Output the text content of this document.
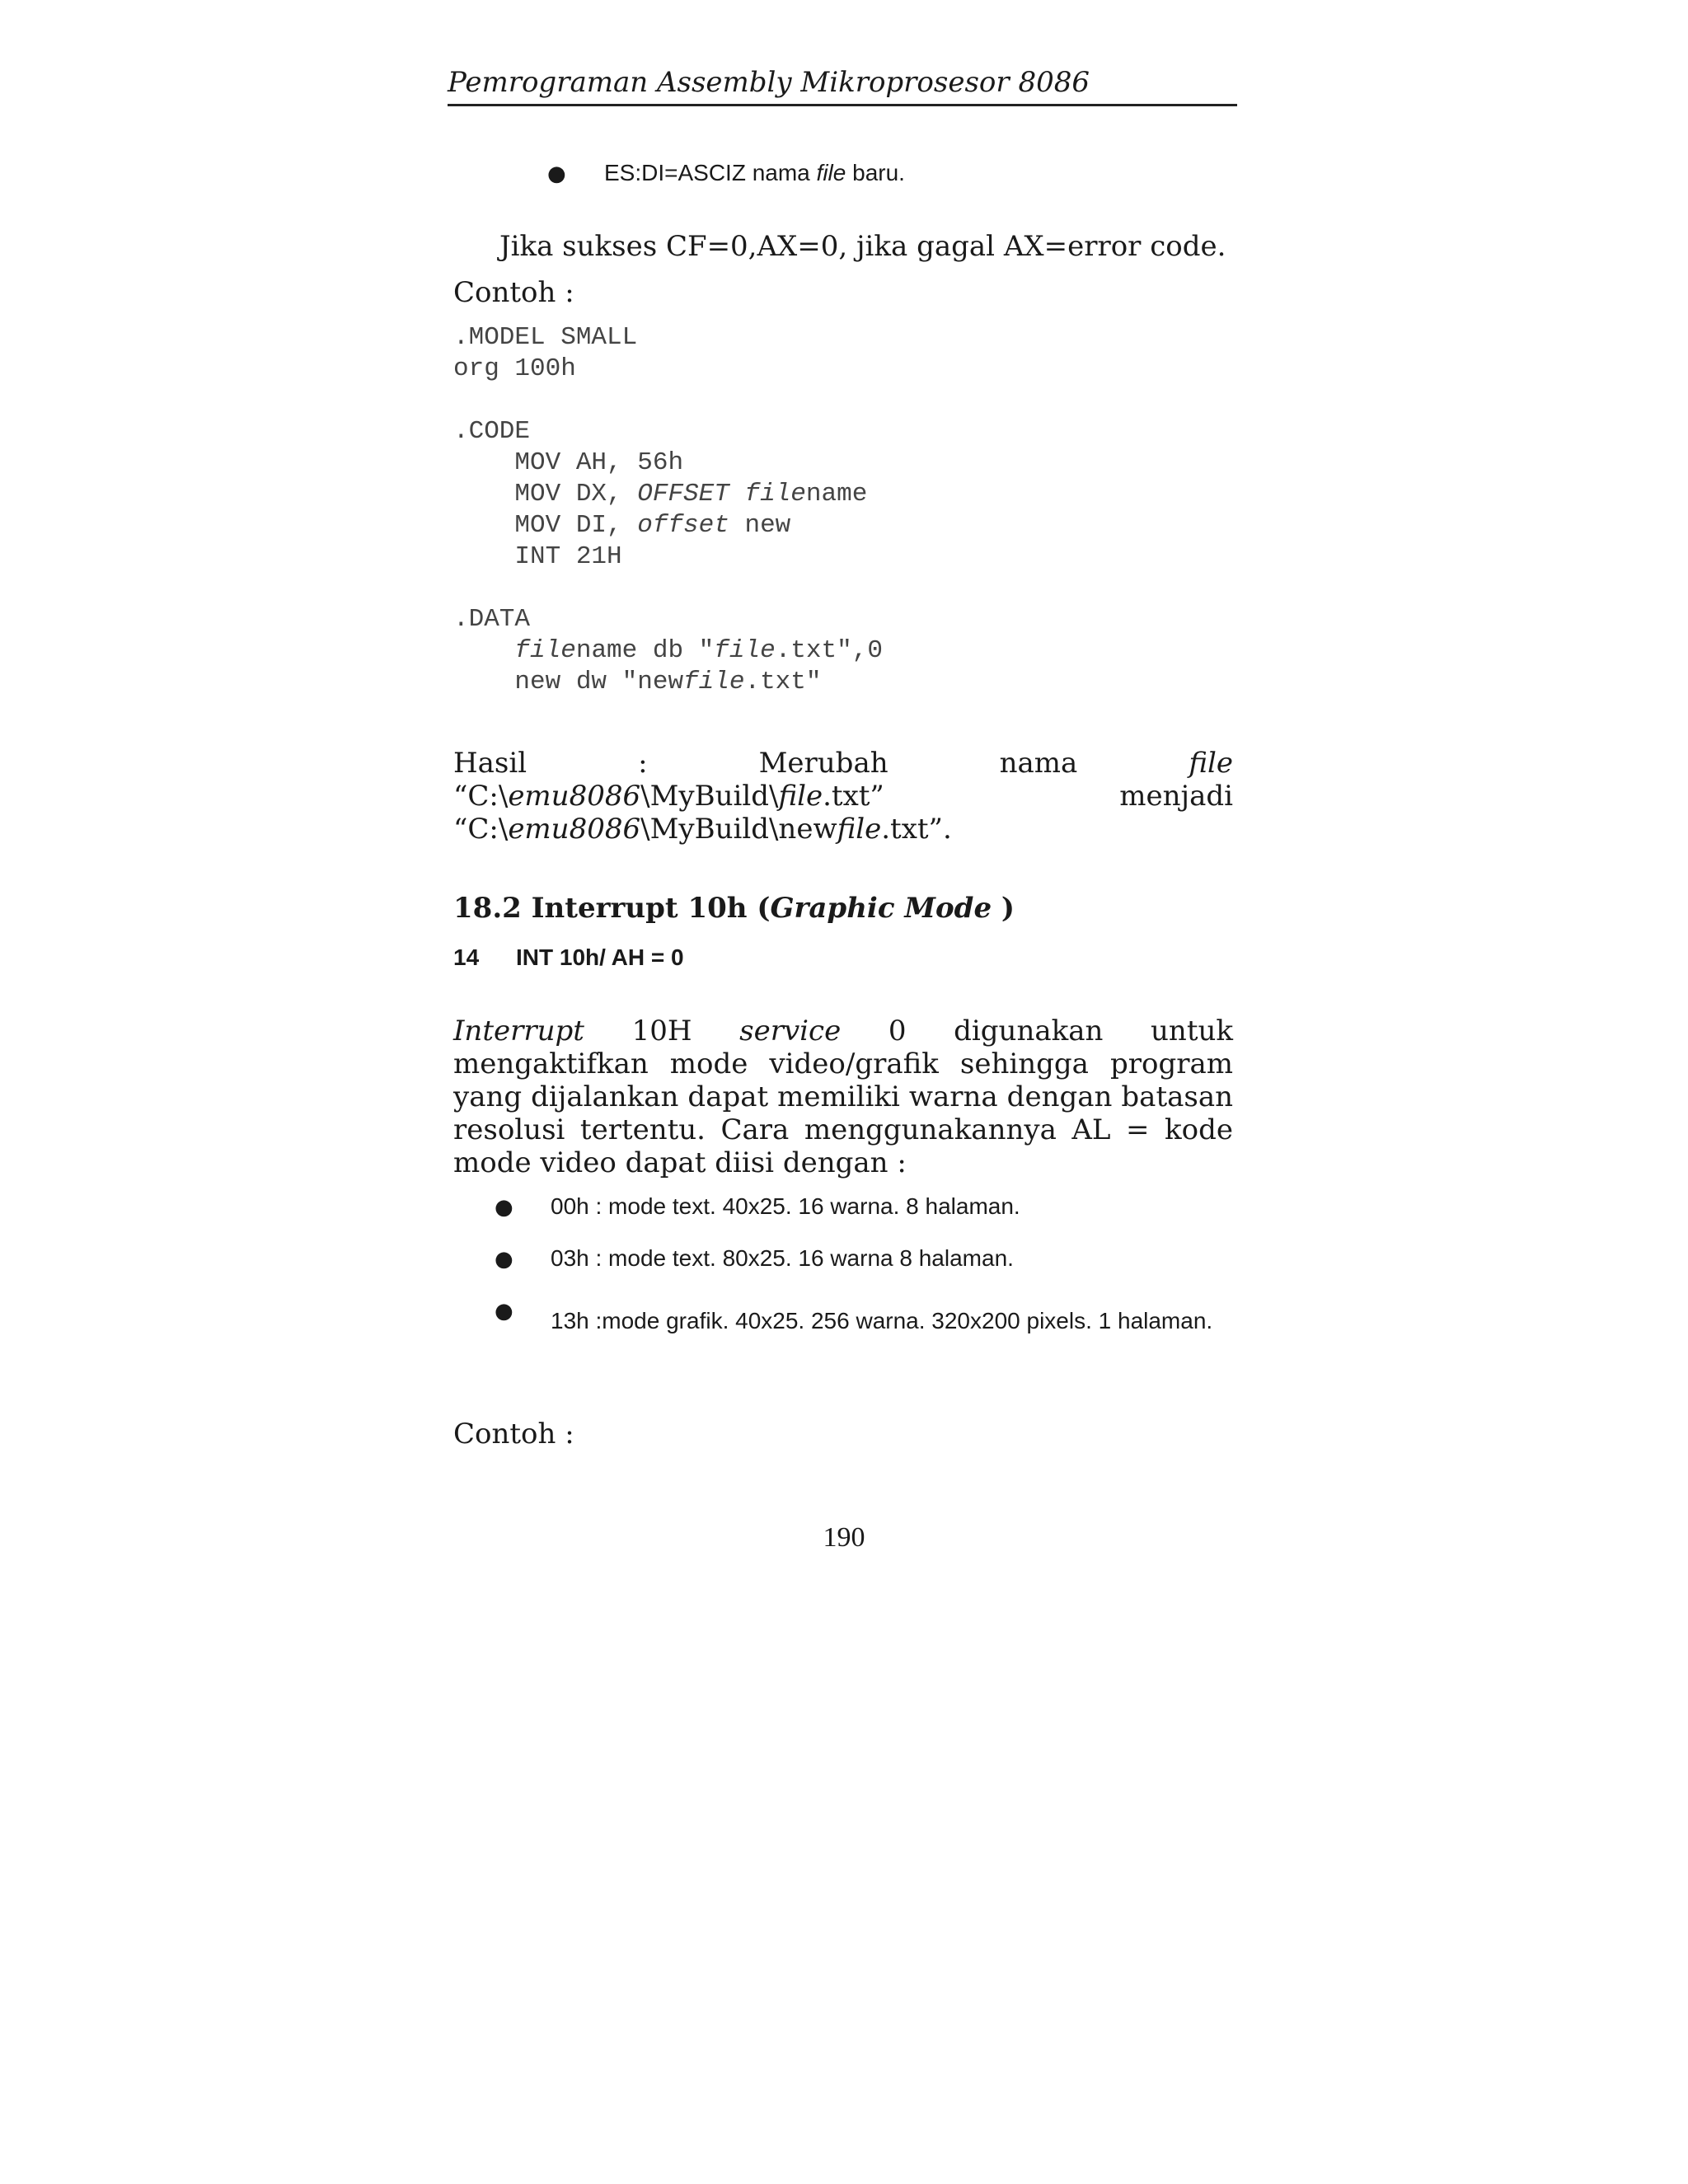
Pemrograman Assembly Mikroprosesor 8086
● ES:DI=ASCIZ nama file baru.
Jika sukses CF=0,AX=0, jika gagal AX=error code.
Contoh :
.MODEL SMALL
org 100h
.CODE
MOV AH, 56h
MOV DX, OFFSET filename
MOV DI, offset new
INT 21H
.DATA
filename db "file.txt",0
new dw "newfile.txt"
Hasil	:	Merubah	nama	file
“C:\emu8086\MyBuild\file.txt”	menjadi
“C:\emu8086\MyBuild\newfile.txt”.
18.2 Interrupt 10h (Graphic Mode )
14 INT 10h/ AH = 0
Interrupt 10H service 0 digunakan untuk mengaktifkan mode video/grafik sehingga program yang dijalankan dapat memiliki warna dengan batasan resolusi tertentu. Cara menggunakannya AL = kode mode video dapat diisi dengan :
● 00h : mode text. 40x25. 16 warna. 8 halaman.
● 03h : mode text. 80x25. 16 warna 8 halaman.
● 13h :mode grafik. 40x25. 256 warna. 320x200 pixels. 1 halaman.
Contoh :
190
